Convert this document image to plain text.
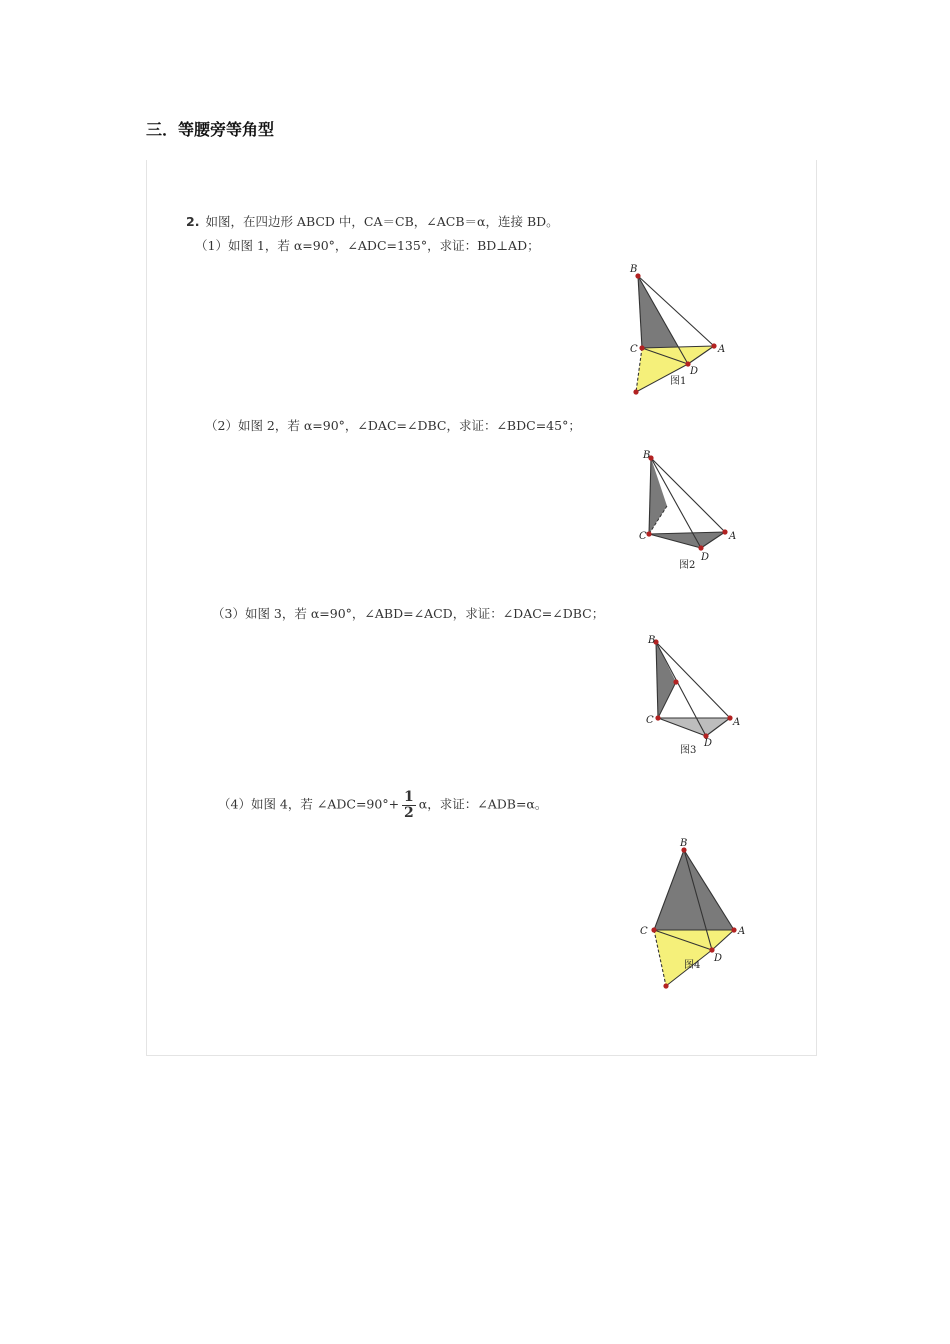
三．等腰旁等角型
2. 如图，在四边形 ABCD 中，CA＝CB，∠ACB＝α，连接 BD。
（1）如图 1，若 α=90°，∠ADC=135°，求证：BD⊥AD；
（2）如图 2，若 α=90°，∠DAC=∠DBC，求证：∠BDC=45°；
（3）如图 3，若 α=90°，∠ABD=∠ACD，求证：∠DAC=∠DBC；
（4）如图 4，若 ∠ADC=90°+ $\frac{1}{2}$ α，求证：∠ADB=α。
B
C	A
D
图1
B
C	A
D
图2
B
C	A
D
图3
B
C	A
D
图4
